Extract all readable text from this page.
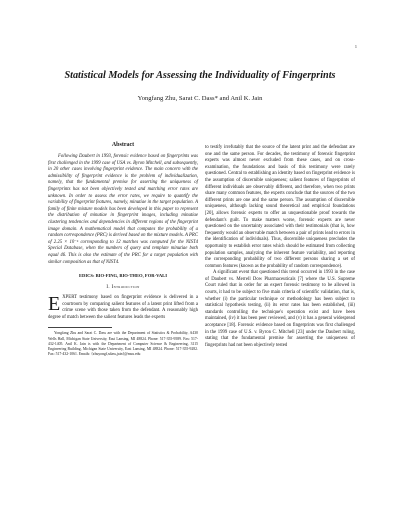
1
Statistical Models for Assessing the Individuality of Fingerprints
Yongfang Zhu, Sarat C. Dass* and Anil K. Jain
Abstract

Following Daubert in 1993, forensic evidence based on fingerprints was first challenged in the 1999 case of USA vs. Byron Mitchell, and subsequently, in 20 other cases involving fingerprint evidence. The main concern with the admissibility of fingerprint evidence is the problem of individualization, namely, that the fundamental premise for asserting the uniqueness of fingerprints has not been objectively tested and matching error rates are unknown. In order to assess the error rates, we require to quantify the variability of fingerprint features, namely, minutiae in the target population. A family of finite mixture models has been developed in this paper to represent the distribution of minutiae in fingerprint images, including minutiae clustering tendencies and dependencies in different regions of the fingerprint image domain. A mathematical model that computes the probability of a random correspondence (PRC) is derived based on the mixture models. A PRC of 2.25 × 10⁻⁶ corresponding to 12 matches was computed for the NIST4 Special Database, when the numbers of query and template minutiae both equal 46. This is also the estimate of the PRC for a target population with similar composition as that of NIST4.

EDICS: BIO-FING, BIO-THEO, FOR-VALI
I. Introduction

EXPERT testimony based on fingerprint evidence is delivered in a courtroom by comparing salient features of a latent print lifted from a crime scene with those taken from the defendant. A reasonably high degree of match between the salient features leads the experts

Yongfang Zhu and Sarat C. Dass are with the Department of Statistics & Probability, A430 Wells Hall, Michigan State University, East Lansing, MI 48824. Phone: 517-355-9589. Fax: 517-432-1405. Anil K. Jain is with the Department of Computer Science & Engineering, 3115 Engineering Building, Michigan State University, East Lansing, MI 48824. Phone: 517-355-9282. Fax: 517-432-1061. Emails: {zhuyongf,sdass,jain}@msu.edu

to testify irrefutably that the source of the latent print and the defendant are one and the same person. For decades, the testimony of forensic fingerprint experts was almost never excluded from these cases, and on cross-examination, the foundations and basis of this testimony were rarely questioned. Central to establishing an identity based on fingerprint evidence is the assumption of discernible uniqueness; salient features of fingerprints of different individuals are observably different, and therefore, when two prints share many common features, the experts conclude that the sources of the two different prints are one and the same person. The assumption of discernible uniqueness, although lacking sound theoretical and empirical foundations [20], allows forensic experts to offer an unquestionable proof towards the defendant's guilt. To make matters worse, forensic experts are never questioned on the uncertainty associated with their testimonials (that is, how frequently would an observable match between a pair of prints lead to errors in the identification of individuals). Thus, discernible uniqueness precludes the opportunity to establish error rates which should be estimated from collecting population samples, analyzing the inherent feature variability, and reporting the corresponding probability of two different persons sharing a set of common features (known as the probability of random correspondence).

A significant event that questioned this trend occurred in 1993 in the case of Daubert vs. Merrell Dow Pharmaceuticals [7] where the U.S. Supreme Court ruled that in order for an expert forensic testimony to be allowed in courts, it had to be subject to five main criteria of scientific validation, that is, whether (i) the particular technique or methodology has been subject to statistical hypothesis testing, (ii) its error rates has been established, (iii) standards controlling the technique's operation exist and have been maintained, (iv) it has been peer reviewed, and (v) it has a general widespread acceptance [18]. Forensic evidence based on fingerprints was first challenged in the 1999 case of U.S. v. Byron C. Mitchell [23] under the Daubert ruling, stating that the fundamental premise for asserting the uniqueness of fingerprints had not been objectively tested
